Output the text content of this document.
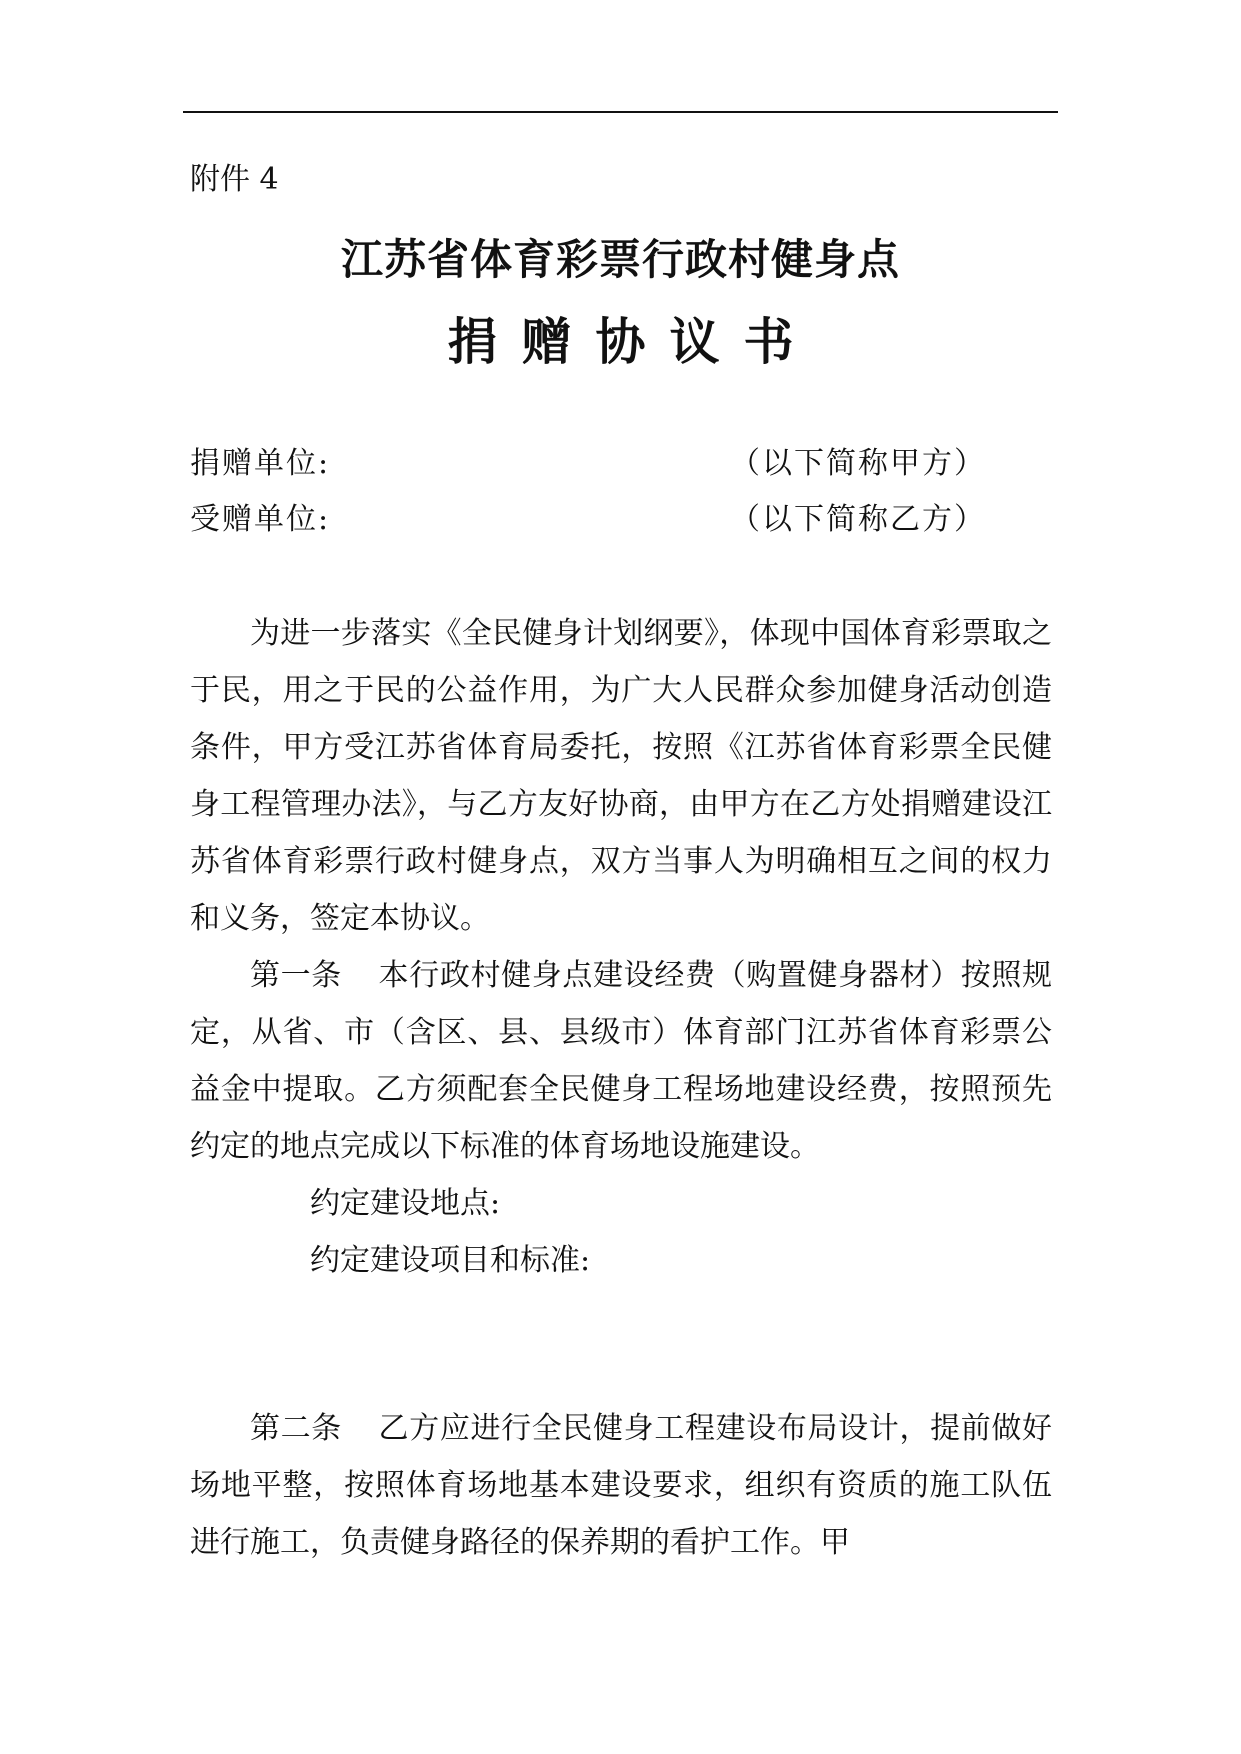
附件 4
江苏省体育彩票行政村健身点
捐赠协议书
捐赠单位:	（以下简称甲方）
受赠单位:	（以下简称乙方）

为进一步落实《全民健身计划纲要》，体现中国体育彩票取之于民，用之于民的公益作用，为广大人民群众参加健身活动创造条件，甲方受江苏省体育局委托，按照《江苏省体育彩票全民健身工程管理办法》，与乙方友好协商，由甲方在乙方处捐赠建设江苏省体育彩票行政村健身点，双方当事人为明确相互之间的权力和义务，签定本协议。

第一条 本行政村健身点建设经费（购置健身器材）按照规定，从省、市（含区、县、县级市）体育部门江苏省体育彩票公益金中提取。乙方须配套全民健身工程场地建设经费，按照预先约定的地点完成以下标准的体育场地设施建设。

约定建设地点:

约定建设项目和标准:

第二条 乙方应进行全民健身工程建设布局设计，提前做好场地平整，按照体育场地基本建设要求，组织有资质的施工队伍进行施工，负责健身路径的保养期的看护工作。甲
